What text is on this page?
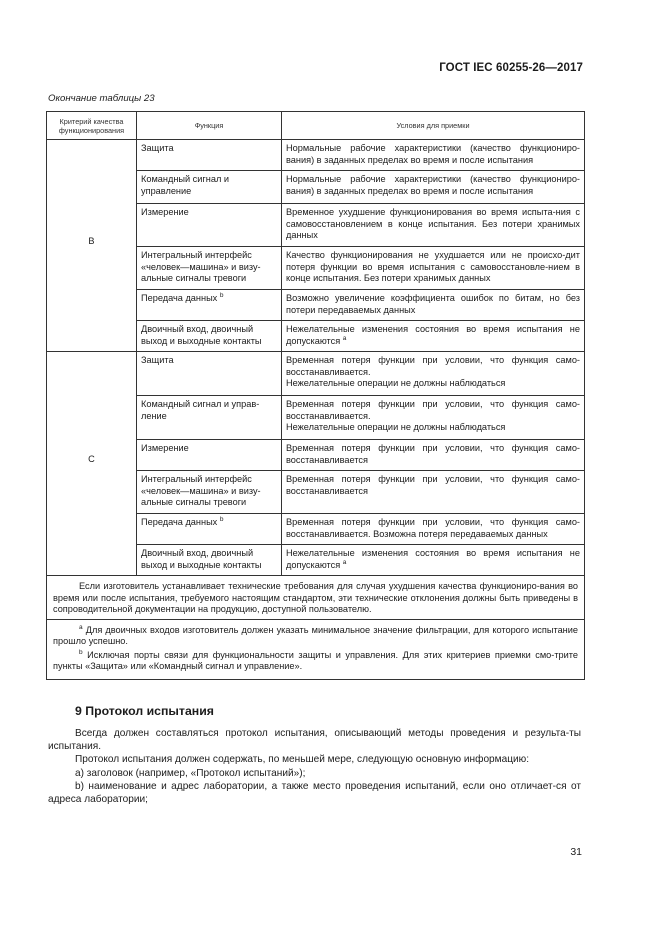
ГОСТ IEC 60255-26—2017
Окончание таблицы 23
Критерий качества функционирования	Функция	Условия для приемки
B	Защита	Нормальные рабочие характеристики (качество функциониро-вания) в заданных пределах во время и после испытания
	Командный сигнал и управление	Нормальные рабочие характеристики (качество функциониро-вания) в заданных пределах во время и после испытания
	Измерение	Временное ухудшение функционирования во время испыта-ния с самовосстановлением в конце испытания. Без потери хранимых данных
	Интегральный интерфейс «человек—машина» и визу-альные сигналы тревоги	Качество функционирования не ухудшается или не происхо-дит потеря функции во время испытания с самовосстановле-нием в конце испытания. Без потери хранимых данных
	Передача данных $^b$	Возможно увеличение коэффициента ошибок по битам, но без потери передаваемых данных
	Двоичный вход, двоичный выход и выходные контакты	Нежелательные изменения состояния во время испытания не допускаются $^a$
C	Защита	Временная потеря функции при условии, что функция само-восстанавливается.
Нежелательные операции не должны наблюдаться
	Командный сигнал и управ-ление	Временная потеря функции при условии, что функция само-восстанавливается.
Нежелательные операции не должны наблюдаться
	Измерение	Временная потеря функции при условии, что функция само-восстанавливается
	Интегральный интерфейс «человек—машина» и визу-альные сигналы тревоги	Временная потеря функции при условии, что функция само-восстанавливается
	Передача данных $^b$	Временная потеря функции при условии, что функция само-восстанавливается. Возможна потеря передаваемых данных
	Двоичный вход, двоичный выход и выходные контакты	Нежелательные изменения состояния во время испытания не допускаются $^a$

Если изготовитель устанавливает технические требования для случая ухудшения качества функциониро-вания во время или после испытания, требуемого настоящим стандартом, эти технические отклонения должны быть приведены в сопроводительной документации на продукцию, доступной пользователю.		

$^a$ Для двоичных входов изготовитель должен указать минимальное значение фильтрации, для которого испытание прошло успешно.

$^b$ Исключая порты связи для функциональности защиты и управления. Для этих критериев приемки смо-трите пункты «Защита» или «Командный сигнал и управление».		

9 Протокол испытания

Всегда должен составляться протокол испытания, описывающий методы проведения и результа-ты испытания.

Протокол испытания должен содержать, по меньшей мере, следующую основную информацию:

а) заголовок (например, «Протокол испытаний»);

b) наименование и адрес лаборатории, а также место проведения испытаний, если оно отличает-ся от адреса лаборатории;

31
